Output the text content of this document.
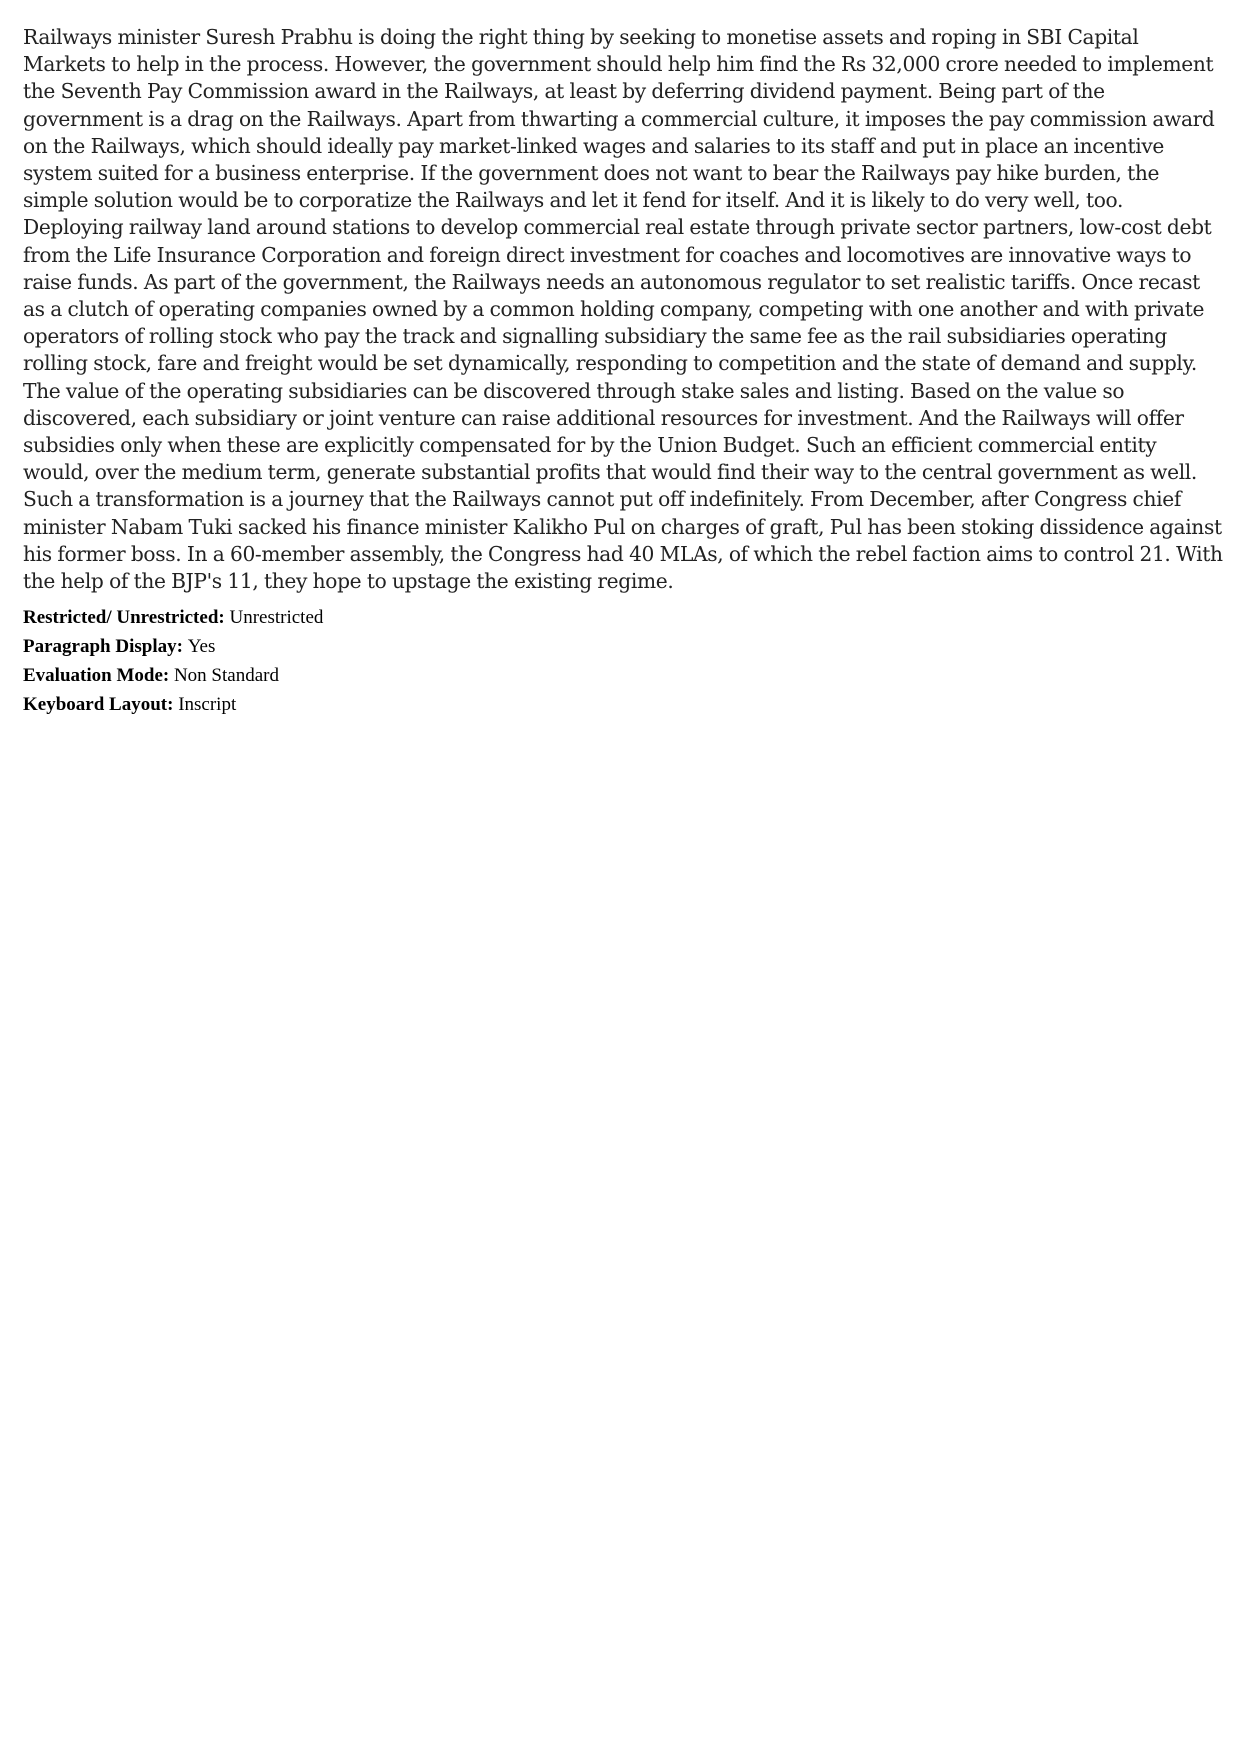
Railways minister Suresh Prabhu is doing the right thing by seeking to monetise assets and roping in SBI Capital Markets to help in the process. However, the government should help him find the Rs 32,000 crore needed to implement the Seventh Pay Commission award in the Railways, at least by deferring dividend payment. Being part of the government is a drag on the Railways. Apart from thwarting a commercial culture, it imposes the pay commission award on the Railways, which should ideally pay market-linked wages and salaries to its staff and put in place an incentive system suited for a business enterprise. If the government does not want to bear the Railways pay hike burden, the simple solution would be to corporatize the Railways and let it fend for itself. And it is likely to do very well, too. Deploying railway land around stations to develop commercial real estate through private sector partners, low-cost debt from the Life Insurance Corporation and foreign direct investment for coaches and locomotives are innovative ways to raise funds. As part of the government, the Railways needs an autonomous regulator to set realistic tariffs. Once recast as a clutch of operating companies owned by a common holding company, competing with one another and with private operators of rolling stock who pay the track and signalling subsidiary the same fee as the rail subsidiaries operating rolling stock, fare and freight would be set dynamically, responding to competition and the state of demand and supply. The value of the operating subsidiaries can be discovered through stake sales and listing. Based on the value so discovered, each subsidiary or joint venture can raise additional resources for investment. And the Railways will offer subsidies only when these are explicitly compensated for by the Union Budget. Such an efficient commercial entity would, over the medium term, generate substantial profits that would find their way to the central government as well. Such a transformation is a journey that the Railways cannot put off indefinitely. From December, after Congress chief minister Nabam Tuki sacked his finance minister Kalikho Pul on charges of graft, Pul has been stoking dissidence against his former boss. In a 60-member assembly, the Congress had 40 MLAs, of which the rebel faction aims to control 21. With the help of the BJP's 11, they hope to upstage the existing regime.

Restricted/ Unrestricted: Unrestricted
Paragraph Display: Yes
Evaluation Mode: Non Standard
Keyboard Layout: Inscript
